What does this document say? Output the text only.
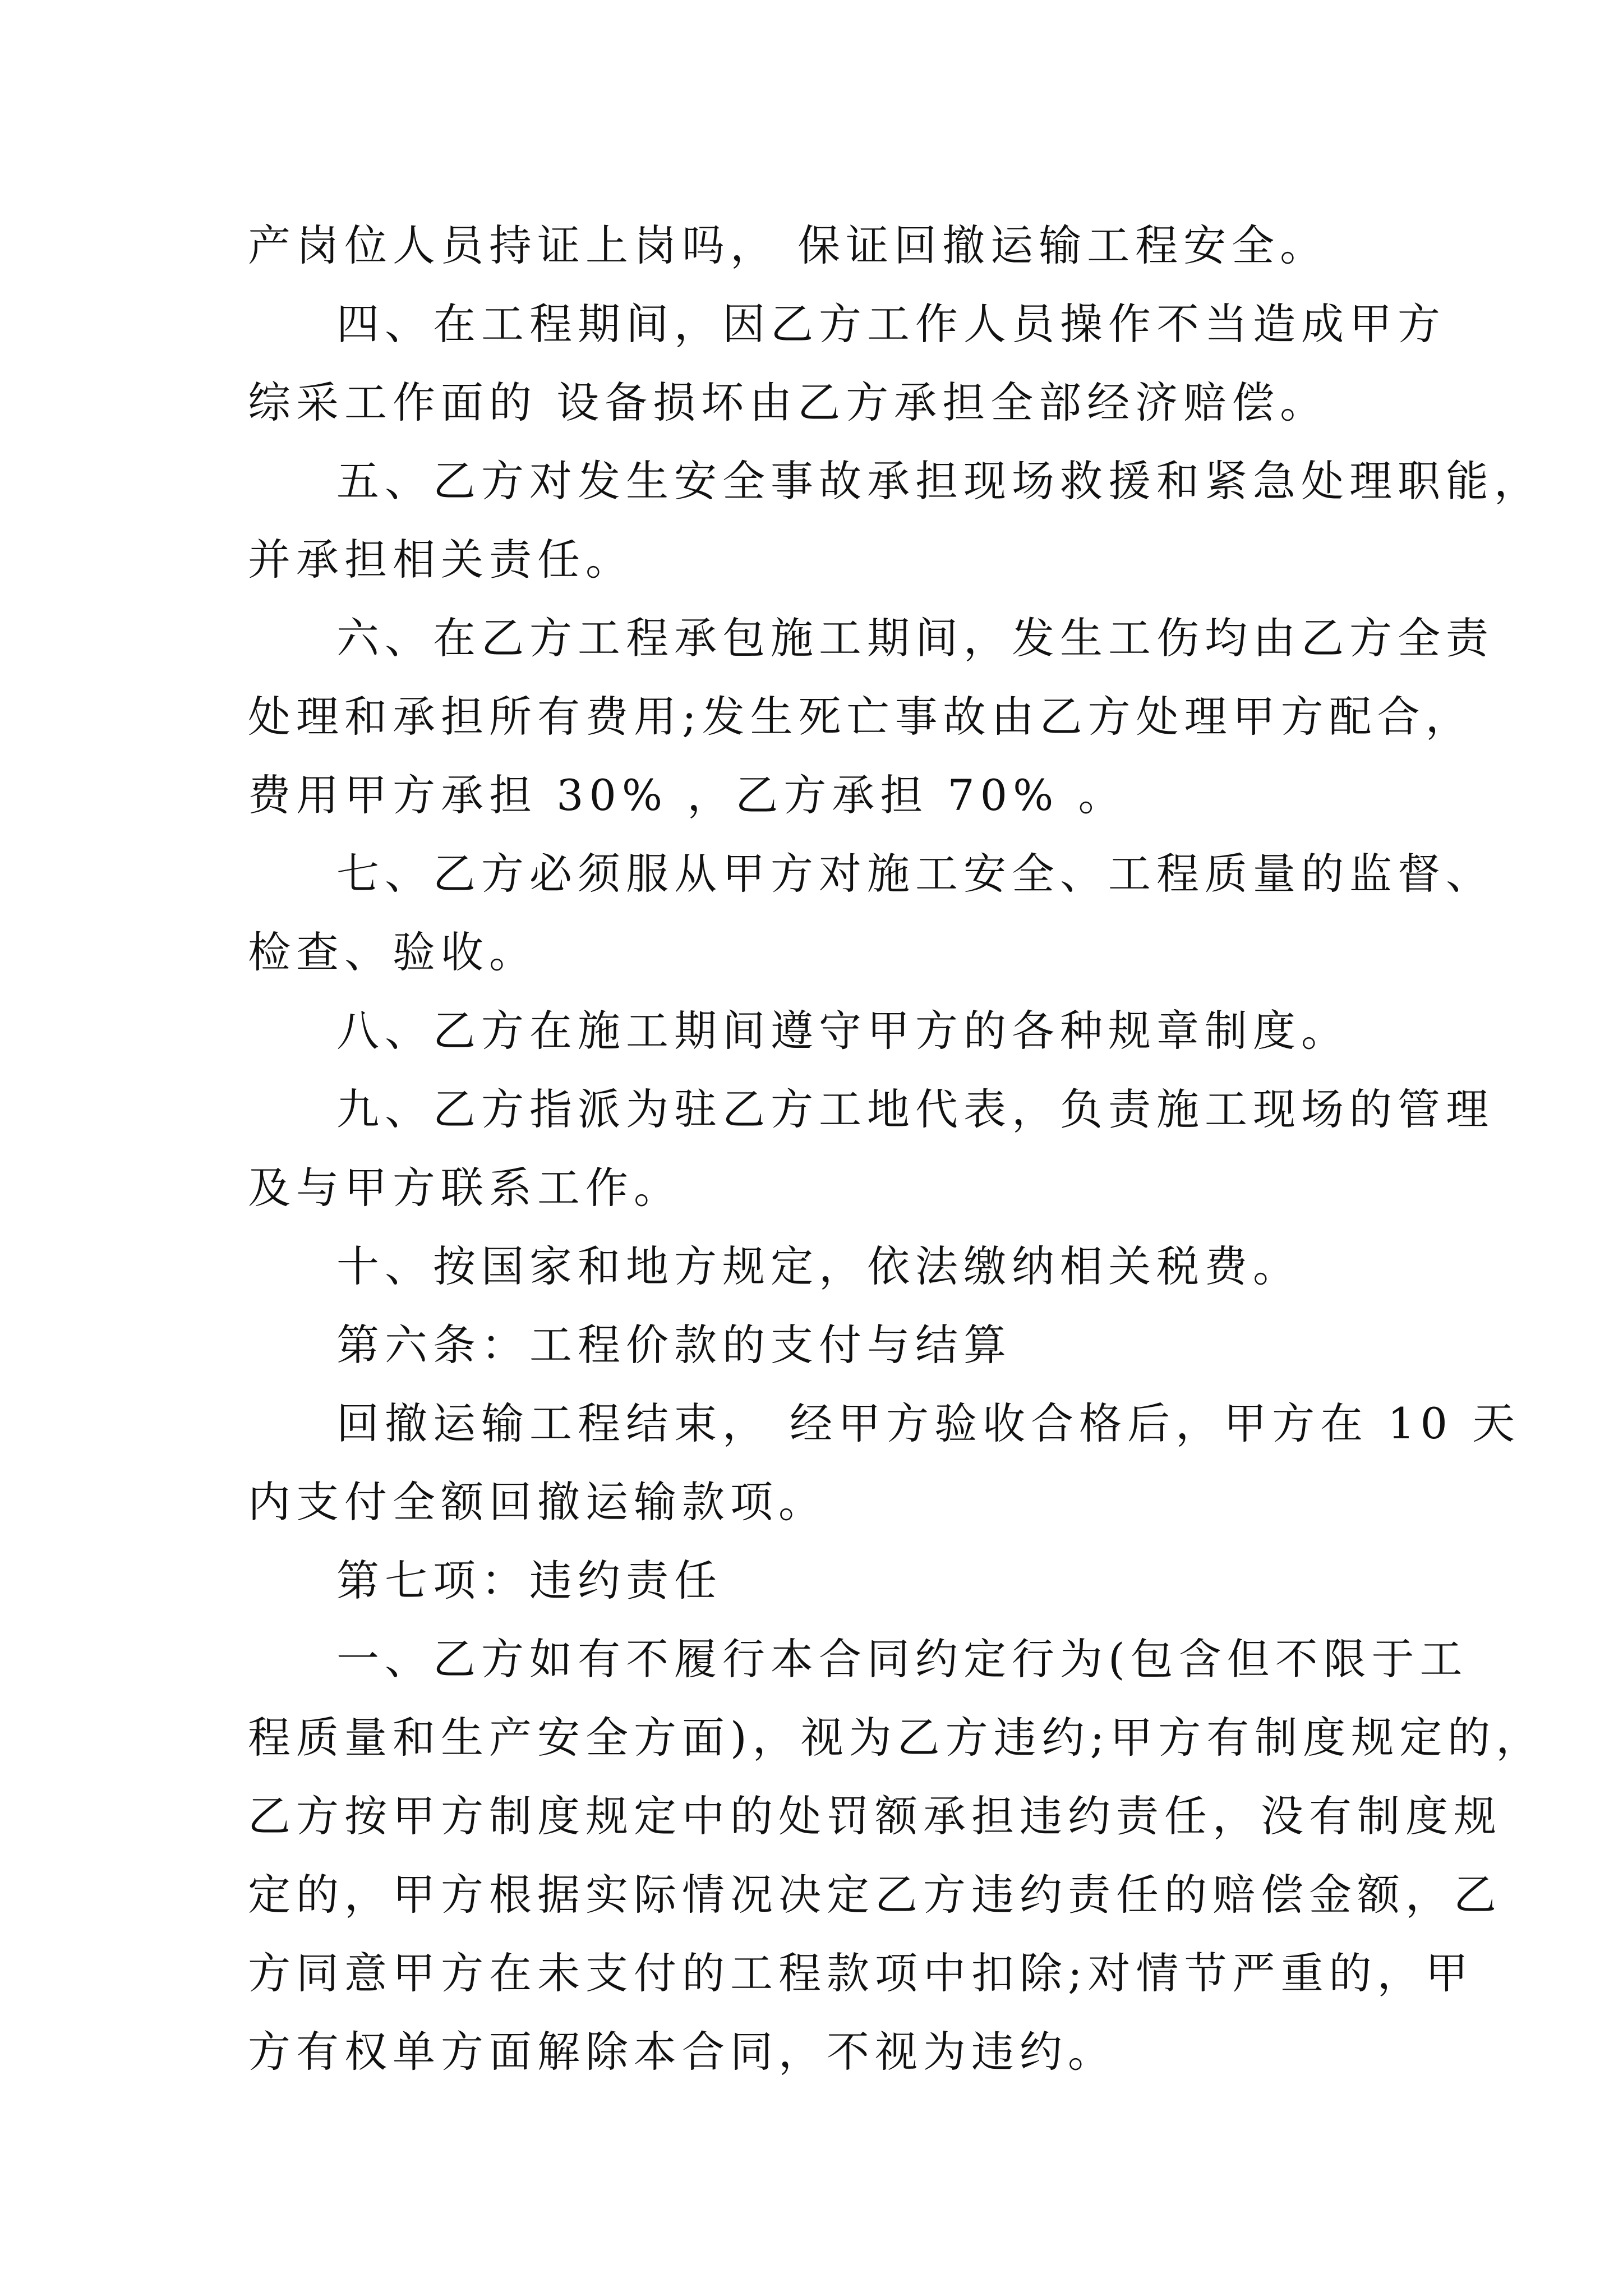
产岗位人员持证上岗吗， 保证回撤运输工程安全。
四、在工程期间，因乙方工作人员操作不当造成甲方
综采工作面的 设备损坏由乙方承担全部经济赔偿。
五、乙方对发生安全事故承担现场救援和紧急处理职能，
并承担相关责任。
六、在乙方工程承包施工期间，发生工伤均由乙方全责
处理和承担所有费用;发生死亡事故由乙方处理甲方配合，
费用甲方承担 30% ，乙方承担 70% 。
七、乙方必须服从甲方对施工安全、工程质量的监督、
检查、验收。
八、乙方在施工期间遵守甲方的各种规章制度。
九、乙方指派为驻乙方工地代表，负责施工现场的管理
及与甲方联系工作。
十、按国家和地方规定，依法缴纳相关税费。
第六条：工程价款的支付与结算
回撤运输工程结束， 经甲方验收合格后，甲方在 10 天
内支付全额回撤运输款项。
第七项：违约责任
一、乙方如有不履行本合同约定行为(包含但不限于工
程质量和生产安全方面)，视为乙方违约;甲方有制度规定的，
乙方按甲方制度规定中的处罚额承担违约责任，没有制度规
定的，甲方根据实际情况决定乙方违约责任的赔偿金额，乙
方同意甲方在未支付的工程款项中扣除;对情节严重的，甲
方有权单方面解除本合同，不视为违约。
